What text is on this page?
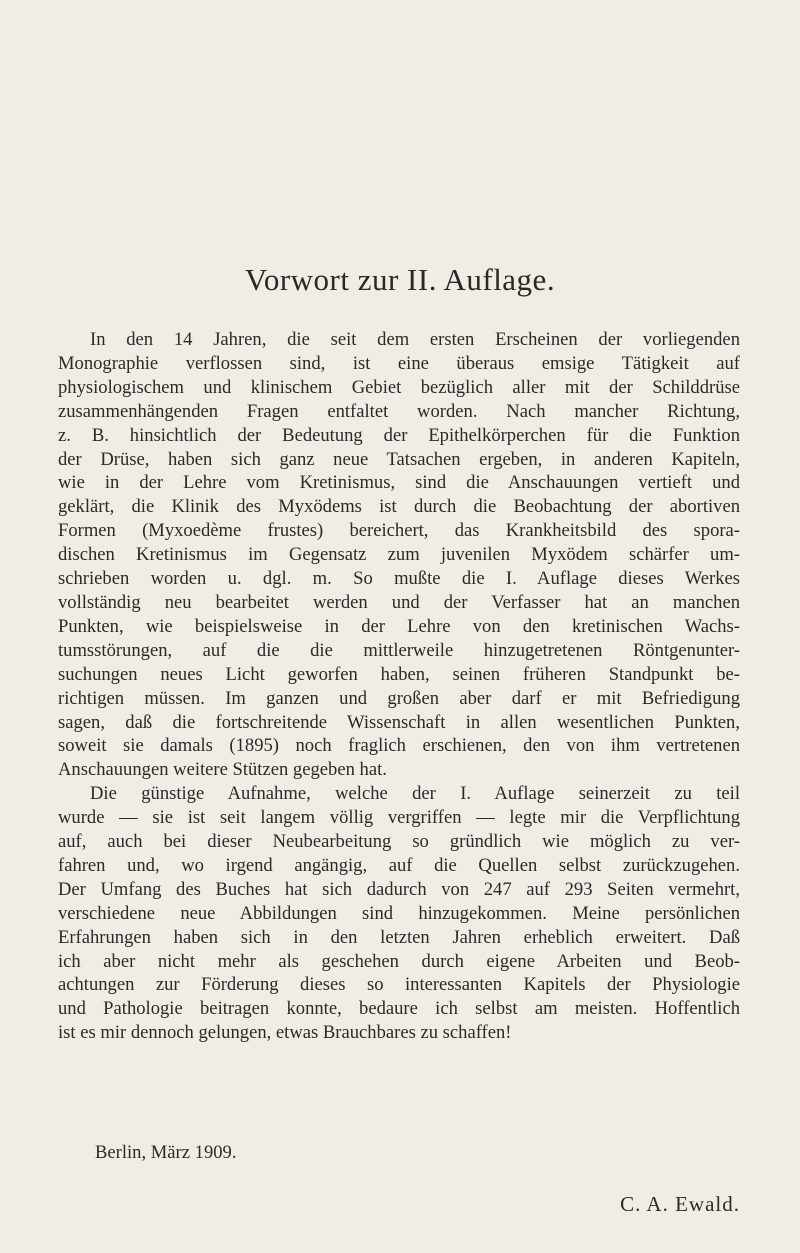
Vorwort zur II. Auflage.
In den 14 Jahren, die seit dem ersten Erscheinen der vorliegenden
Monographie verflossen sind, ist eine überaus emsige Tätigkeit auf
physiologischem und klinischem Gebiet bezüglich aller mit der Schilddrüse
zusammenhängenden Fragen entfaltet worden. Nach mancher Richtung,
z. B. hinsichtlich der Bedeutung der Epithelkörperchen für die Funktion
der Drüse, haben sich ganz neue Tatsachen ergeben, in anderen Kapiteln,
wie in der Lehre vom Kretinismus, sind die Anschauungen vertieft und
geklärt, die Klinik des Myxödems ist durch die Beobachtung der abortiven
Formen (Myxoedème frustes) bereichert, das Krankheitsbild des spora-
dischen Kretinismus im Gegensatz zum juvenilen Myxödem schärfer um-
schrieben worden u. dgl. m. So mußte die I. Auflage dieses Werkes
vollständig neu bearbeitet werden und der Verfasser hat an manchen
Punkten, wie beispielsweise in der Lehre von den kretinischen Wachs-
tumsstörungen, auf die die mittlerweile hinzugetretenen Röntgenunter-
suchungen neues Licht geworfen haben, seinen früheren Standpunkt be-
richtigen müssen. Im ganzen und großen aber darf er mit Befriedigung
sagen, daß die fortschreitende Wissenschaft in allen wesentlichen Punkten,
soweit sie damals (1895) noch fraglich erschienen, den von ihm vertretenen
Anschauungen weitere Stützen gegeben hat.
Die günstige Aufnahme, welche der I. Auflage seinerzeit zu teil
wurde — sie ist seit langem völlig vergriffen — legte mir die Verpflichtung
auf, auch bei dieser Neubearbeitung so gründlich wie möglich zu ver-
fahren und, wo irgend angängig, auf die Quellen selbst zurückzugehen.
Der Umfang des Buches hat sich dadurch von 247 auf 293 Seiten vermehrt,
verschiedene neue Abbildungen sind hinzugekommen. Meine persönlichen
Erfahrungen haben sich in den letzten Jahren erheblich erweitert. Daß
ich aber nicht mehr als geschehen durch eigene Arbeiten und Beob-
achtungen zur Förderung dieses so interessanten Kapitels der Physiologie
und Pathologie beitragen konnte, bedaure ich selbst am meisten. Hoffentlich
ist es mir dennoch gelungen, etwas Brauchbares zu schaffen!
Berlin, März 1909.
C. A. Ewald.
